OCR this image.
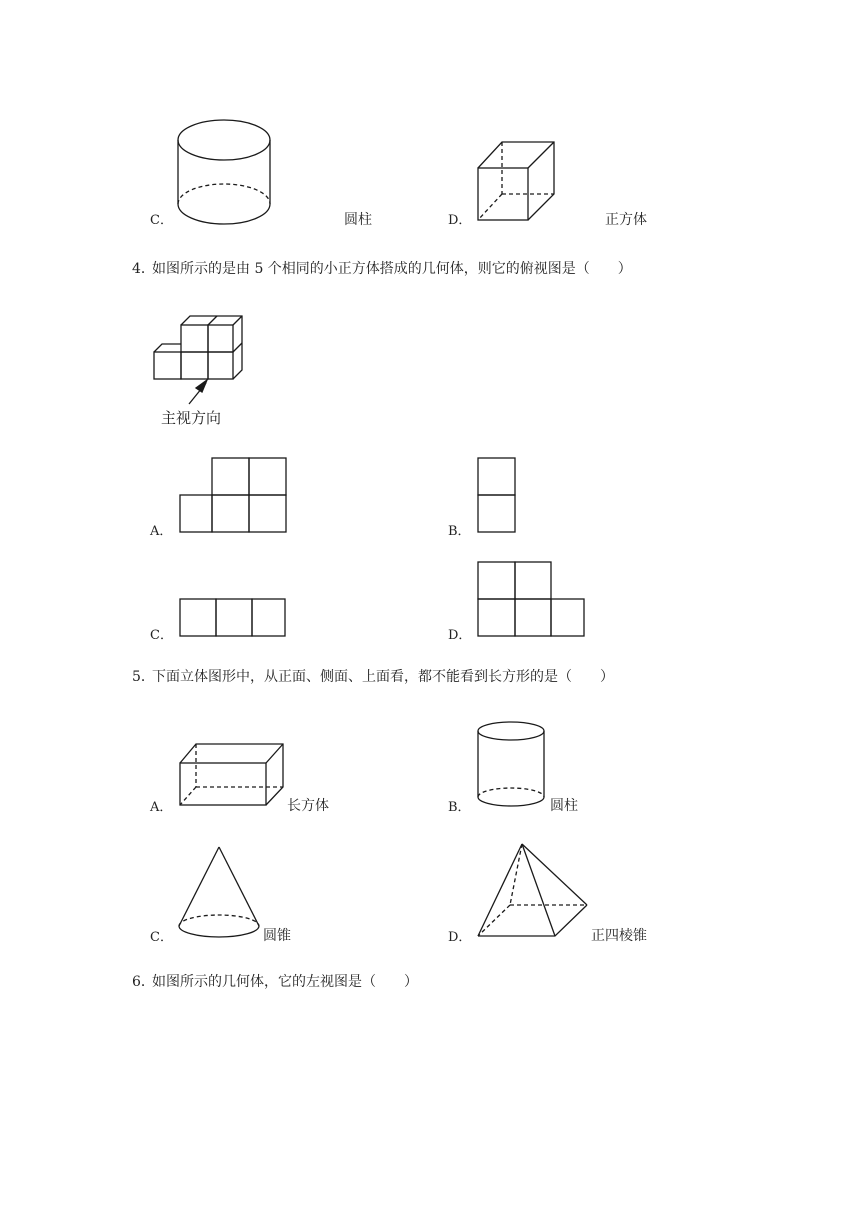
C．	圆柱	D．	正方体
4．
如图所示的是由 5 个相同的小正方体搭成的几何体，则它的俯视图是（　　）
主视方向
A．	B．
C．	D．
5．
下面立体图形中，从正面、侧面、上面看，都不能看到长方形的是（　　）
A．	长方体	B．	圆柱
C．	圆锥	D．	正四棱锥
6．
如图所示的几何体，它的左视图是（　　）
